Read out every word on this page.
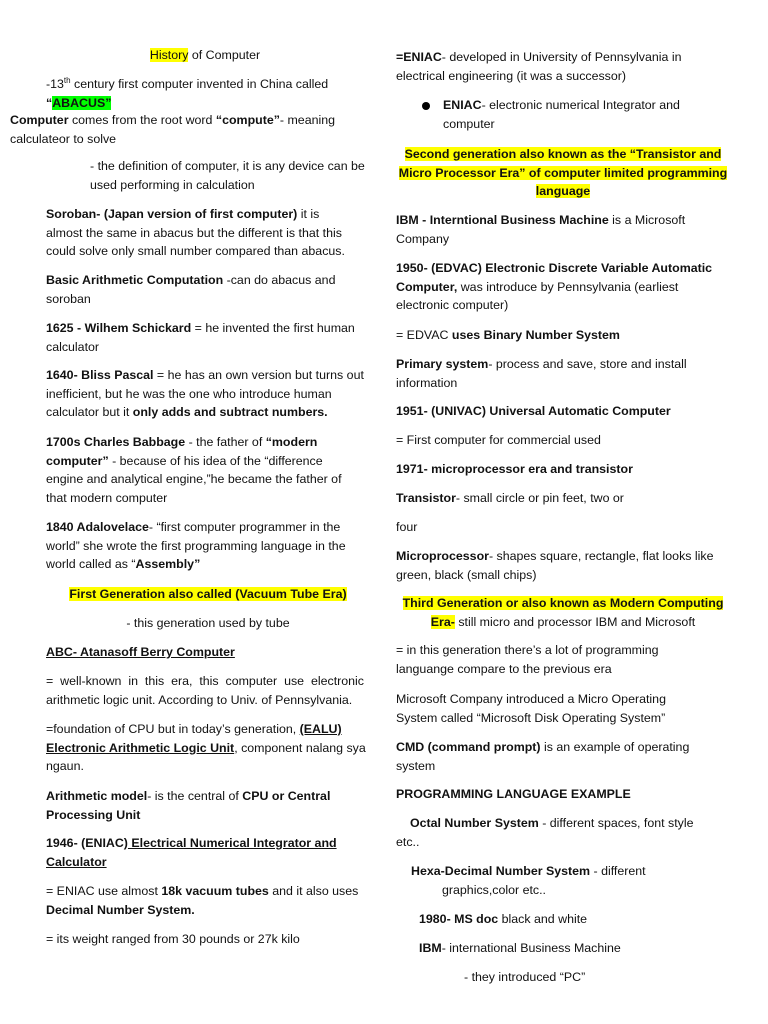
History of Computer

-13th century first computer invented in China called

“ABACUS”

Computer comes from the root word “compute”- meaning calculateor to solve

- the definition of computer, it is any device can be used performing in calculation

Soroban- (Japan version of first computer) it is almost the same in abacus but the different is that this could solve only small number compared than abacus.

Basic Arithmetic Computation -can do abacus and soroban

1625 - Wilhem Schickard = he invented the first human calculator

1640- Bliss Pascal = he has an own version but turns out inefficient, but he was the one who introduce human calculator but it only adds and subtract numbers.

1700s Charles Babbage - the father of “modern computer” - because of his idea of the “difference engine and analytical engine,”he became the father of that modern computer

1840 Adalovelace- “first computer programmer in the world” she wrote the first programming language in the world called as “Assembly”

First Generation also called (Vacuum Tube Era)

- this generation used by tube

ABC- Atanasoff Berry Computer

= well-known in this era, this computer use electronic arithmetic logic unit. According to Univ. of Pennsylvania.

=foundation of CPU but in today’s generation, (EALU) Electronic Arithmetic Logic Unit, component nalang sya ngaun.

Arithmetic model- is the central of CPU or Central Processing Unit

1946- (ENIAC) Electrical Numerical Integrator and Calculator

= ENIAC use almost 18k vacuum tubes and it also uses Decimal Number System.

= its weight ranged from 30 pounds or 27k kilo

=ENIAC- developed in University of Pennsylvania in electrical engineering (it was a successor)

ENIAC- electronic numerical Integrator and computer

Second generation also known as the “Transistor and Micro Processor Era” of computer limited programming language

IBM - Interntional Business Machine is a Microsoft Company

1950- (EDVAC) Electronic Discrete Variable Automatic Computer, was introduce by Pennsylvania (earliest electronic computer)

= EDVAC uses Binary Number System

Primary system- process and save, store and install information

1951- (UNIVAC) Universal Automatic Computer

= First computer for commercial used

1971- microprocessor era and transistor

Transistor- small circle or pin feet, two or

four

Microprocessor- shapes square, rectangle, flat looks like green, black (small chips)

Third Generation or also known as Modern Computing Era- still micro and processor IBM and Microsoft

= in this generation there’s a lot of programming languange compare to the previous era

Microsoft Company introduced a Micro Operating System called “Microsoft Disk Operating System”

CMD (command prompt) is an example of operating system

PROGRAMMING LANGUAGE EXAMPLE

Octal Number System - different spaces, font style etc..

Hexa-Decimal Number System - different

graphics,color etc..

1980- MS doc black and white

IBM- international Business Machine

- they introduced “PC”
